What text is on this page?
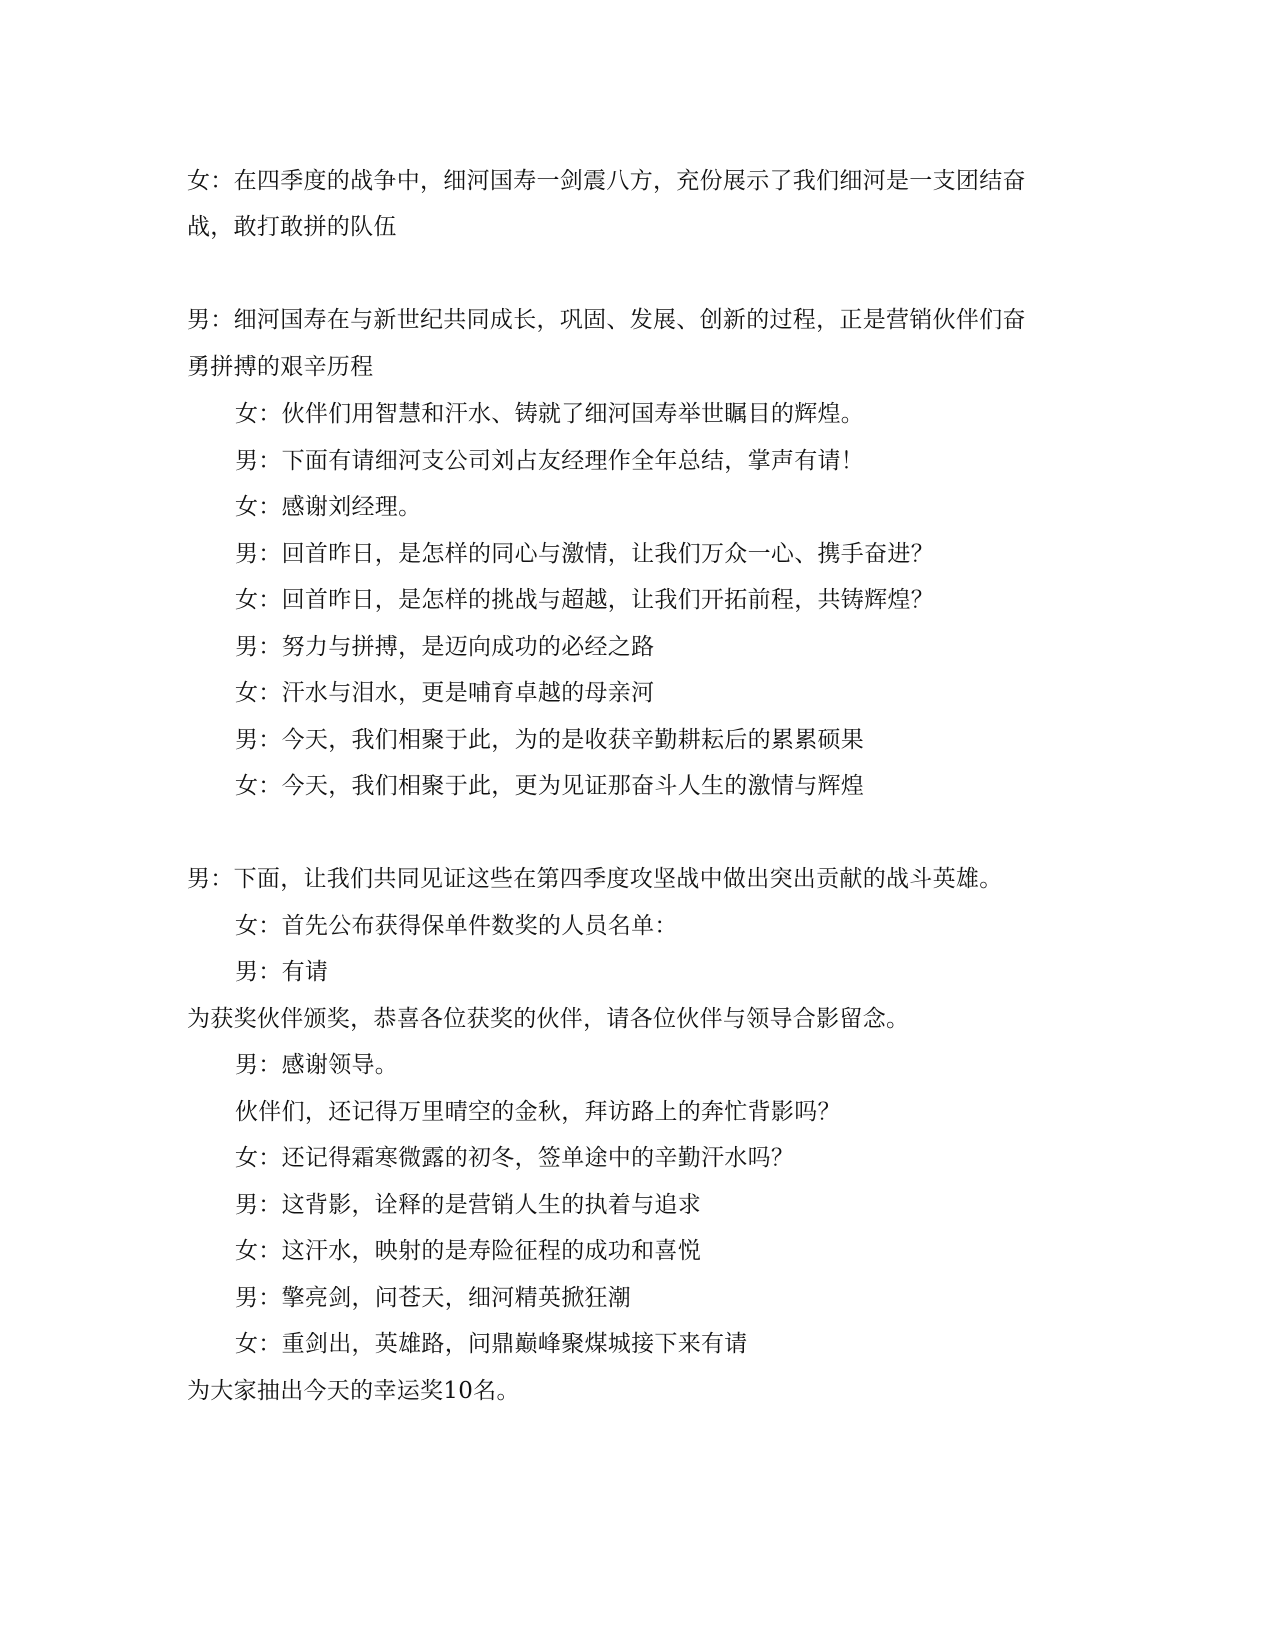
女：在四季度的战争中，细河国寿一剑震八方，充份展示了我们细河是一支团结奋
战，敢打敢拼的队伍
男：细河国寿在与新世纪共同成长，巩固、发展、创新的过程，正是营销伙伴们奋
勇拼搏的艰辛历程
女：伙伴们用智慧和汗水、铸就了细河国寿举世瞩目的辉煌。
男：下面有请细河支公司刘占友经理作全年总结，掌声有请！
女：感谢刘经理。
男：回首昨日，是怎样的同心与激情，让我们万众一心、携手奋进？
女：回首昨日，是怎样的挑战与超越，让我们开拓前程，共铸辉煌？
男：努力与拼搏，是迈向成功的必经之路
女：汗水与泪水，更是哺育卓越的母亲河
男：今天，我们相聚于此，为的是收获辛勤耕耘后的累累硕果
女：今天，我们相聚于此，更为见证那奋斗人生的激情与辉煌
男：下面，让我们共同见证这些在第四季度攻坚战中做出突出贡献的战斗英雄。
女：首先公布获得保单件数奖的人员名单：
男：有请
为获奖伙伴颁奖，恭喜各位获奖的伙伴，请各位伙伴与领导合影留念。
男：感谢领导。
伙伴们，还记得万里晴空的金秋，拜访路上的奔忙背影吗？
女：还记得霜寒微露的初冬，签单途中的辛勤汗水吗？
男：这背影，诠释的是营销人生的执着与追求
女：这汗水，映射的是寿险征程的成功和喜悦
男：擎亮剑，问苍天，细河精英掀狂潮
女：重剑出，英雄路，问鼎巅峰聚煤城接下来有请
为大家抽出今天的幸运奖10名。
